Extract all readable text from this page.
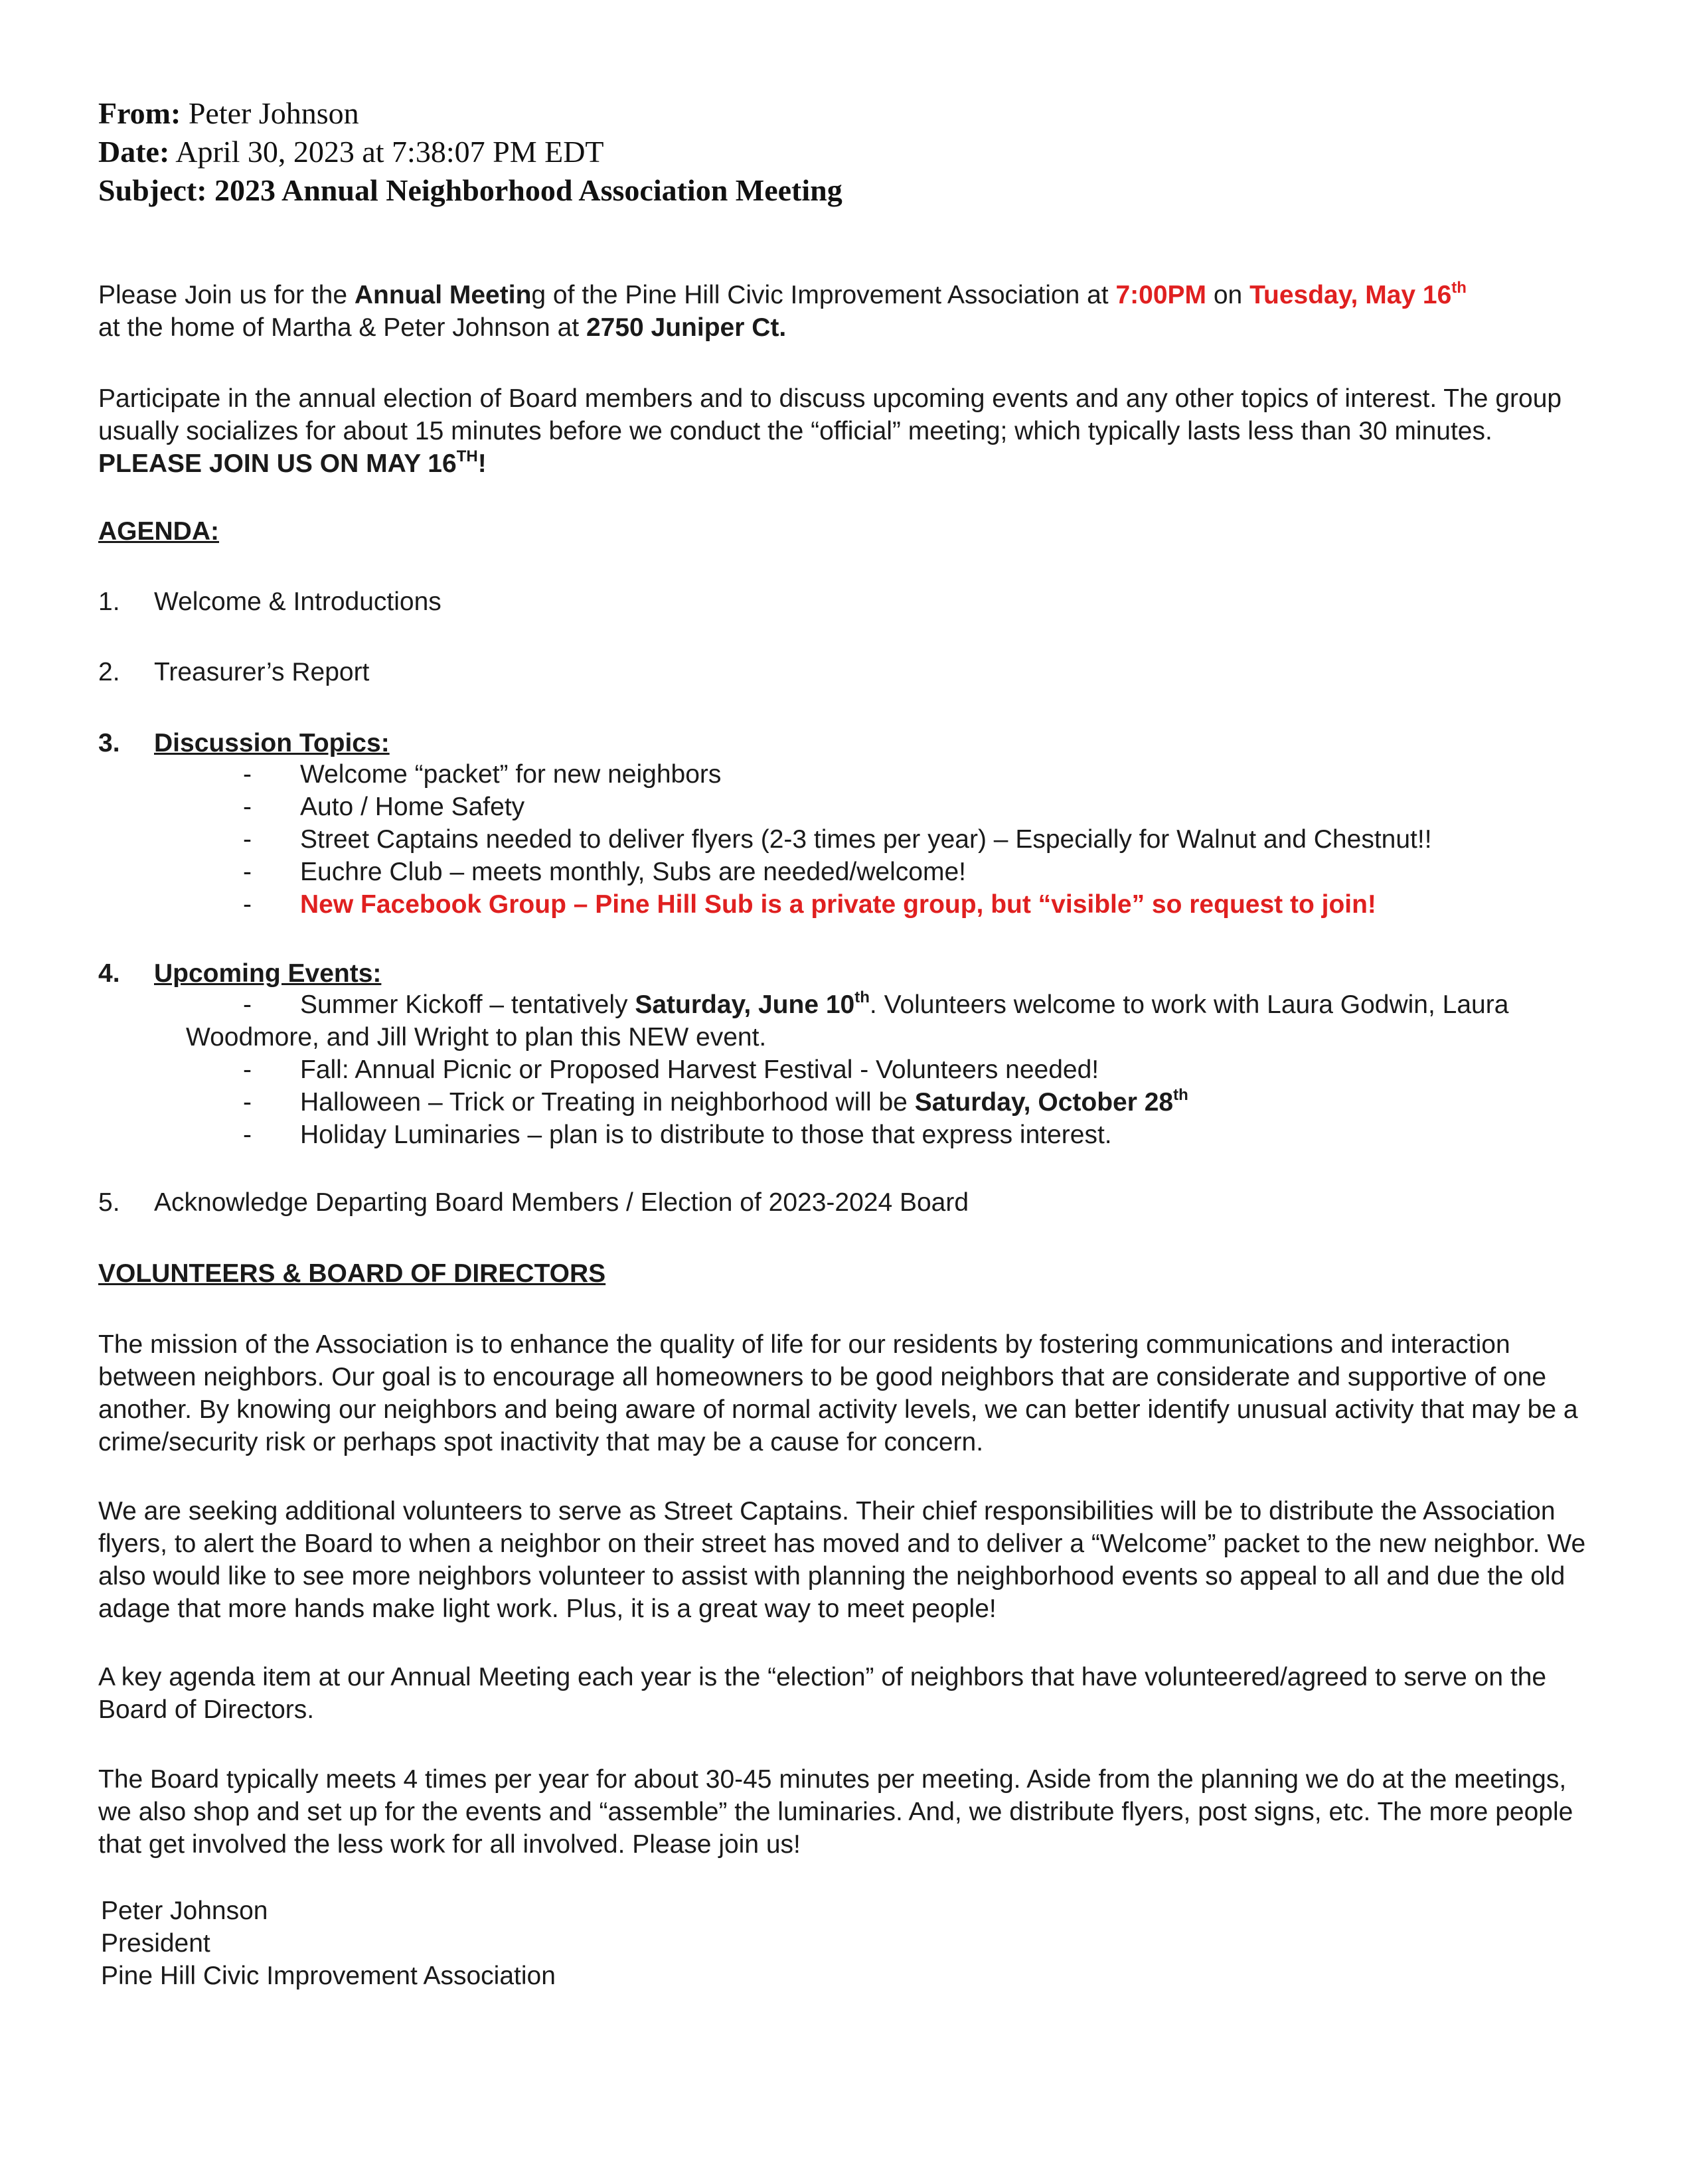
From: Peter Johnson
Date: April 30, 2023 at 7:38:07 PM EDT
Subject: 2023 Annual Neighborhood Association Meeting
Please Join us for the Annual Meeting of the Pine Hill Civic Improvement Association at 7:00PM on Tuesday, May 16th
at the home of Martha & Peter Johnson at 2750 Juniper Ct.
Participate in the annual election of Board members and to discuss upcoming events and any other topics of interest. The group usually socializes for about 15 minutes before we conduct the “official” meeting; which typically lasts less than 30 minutes. PLEASE JOIN US ON MAY 16TH!
AGENDA:
1.	Welcome & Introductions
2.	Treasurer’s Report
3.	Discussion Topics:
- Welcome “packet” for new neighbors
- Auto / Home Safety
- Street Captains needed to deliver flyers (2-3 times per year) – Especially for Walnut and Chestnut!!
- Euchre Club – meets monthly, Subs are needed/welcome!
- New Facebook Group – Pine Hill Sub is a private group, but “visible” so request to join!
4.	Upcoming Events:
- Summer Kickoff – tentatively Saturday, June 10th. Volunteers welcome to work with Laura Godwin, Laura Woodmore, and Jill Wright to plan this NEW event.
- Fall: Annual Picnic or Proposed Harvest Festival - Volunteers needed!
- Halloween – Trick or Treating in neighborhood will be Saturday, October 28th
- Holiday Luminaries – plan is to distribute to those that express interest.
5.	Acknowledge Departing Board Members / Election of 2023-2024 Board
VOLUNTEERS & BOARD OF DIRECTORS
The mission of the Association is to enhance the quality of life for our residents by fostering communications and interaction between neighbors. Our goal is to encourage all homeowners to be good neighbors that are considerate and supportive of one another. By knowing our neighbors and being aware of normal activity levels, we can better identify unusual activity that may be a crime/security risk or perhaps spot inactivity that may be a cause for concern.
We are seeking additional volunteers to serve as Street Captains. Their chief responsibilities will be to distribute the Association flyers, to alert the Board to when a neighbor on their street has moved and to deliver a “Welcome” packet to the new neighbor. We also would like to see more neighbors volunteer to assist with planning the neighborhood events so appeal to all and due the old adage that more hands make light work. Plus, it is a great way to meet people!
A key agenda item at our Annual Meeting each year is the “election” of neighbors that have volunteered/agreed to serve on the Board of Directors.
The Board typically meets 4 times per year for about 30-45 minutes per meeting. Aside from the planning we do at the meetings, we also shop and set up for the events and “assemble” the luminaries. And, we distribute flyers, post signs, etc. The more people that get involved the less work for all involved. Please join us!
Peter Johnson
President
Pine Hill Civic Improvement Association
